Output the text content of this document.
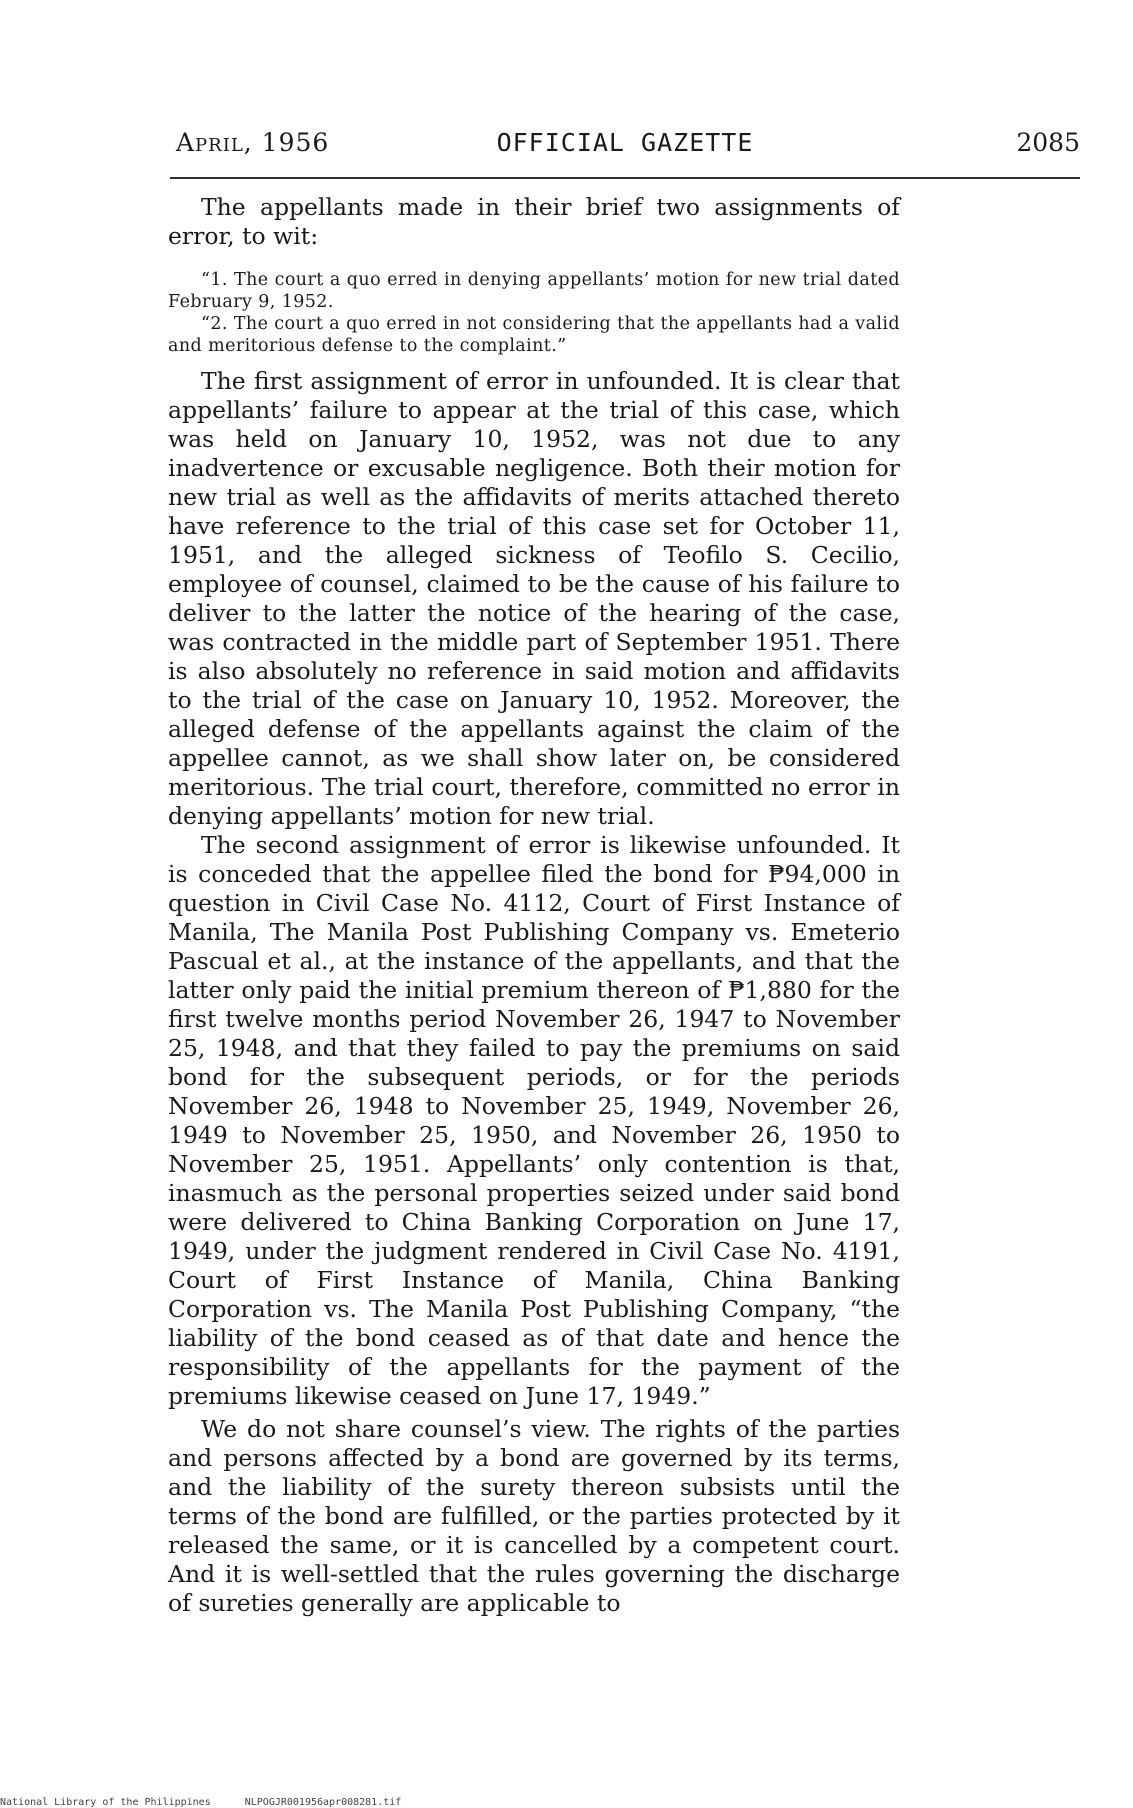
April, 1956	OFFICIAL GAZETTE	2085

The appellants made in their brief two assignments of error, to wit:

“1. The court a quo erred in denying appellants’ motion for new trial dated February 9, 1952.

“2. The court a quo erred in not considering that the appellants had a valid and meritorious defense to the complaint.”

The first assignment of error in unfounded. It is clear that appellants’ failure to appear at the trial of this case, which was held on January 10, 1952, was not due to any inadvertence or excusable negligence. Both their motion for new trial as well as the affidavits of merits attached thereto have reference to the trial of this case set for October 11, 1951, and the alleged sickness of Teofilo S. Cecilio, employee of counsel, claimed to be the cause of his failure to deliver to the latter the notice of the hearing of the case, was contracted in the middle part of September 1951. There is also absolutely no reference in said motion and affidavits to the trial of the case on January 10, 1952. Moreover, the alleged defense of the appellants against the claim of the appellee cannot, as we shall show later on, be considered meritorious. The trial court, therefore, committed no error in denying appellants’ motion for new trial.

The second assignment of error is likewise unfounded. It is conceded that the appellee filed the bond for ₱94,000 in question in Civil Case No. 4112, Court of First Instance of Manila, The Manila Post Publishing Company vs. Emeterio Pascual et al., at the instance of the appellants, and that the latter only paid the initial premium thereon of ₱1,880 for the first twelve months period November 26, 1947 to November 25, 1948, and that they failed to pay the premiums on said bond for the subsequent periods, or for the periods November 26, 1948 to November 25, 1949, November 26, 1949 to November 25, 1950, and November 26, 1950 to November 25, 1951. Appellants’ only contention is that, inasmuch as the personal properties seized under said bond were delivered to China Banking Corporation on June 17, 1949, under the judgment rendered in Civil Case No. 4191, Court of First Instance of Manila, China Banking Corporation vs. The Manila Post Publishing Company, “the liability of the bond ceased as of that date and hence the responsibility of the appellants for the payment of the premiums likewise ceased on June 17, 1949.”

We do not share counsel’s view. The rights of the parties and persons affected by a bond are governed by its terms, and the liability of the surety thereon subsists until the terms of the bond are fulfilled, or the parties protected by it released the same, or it is cancelled by a competent court. And it is well-settled that the rules governing the discharge of sureties generally are applicable to

National Library of the Philippines	NLPOGJR001956apr008281.tif
